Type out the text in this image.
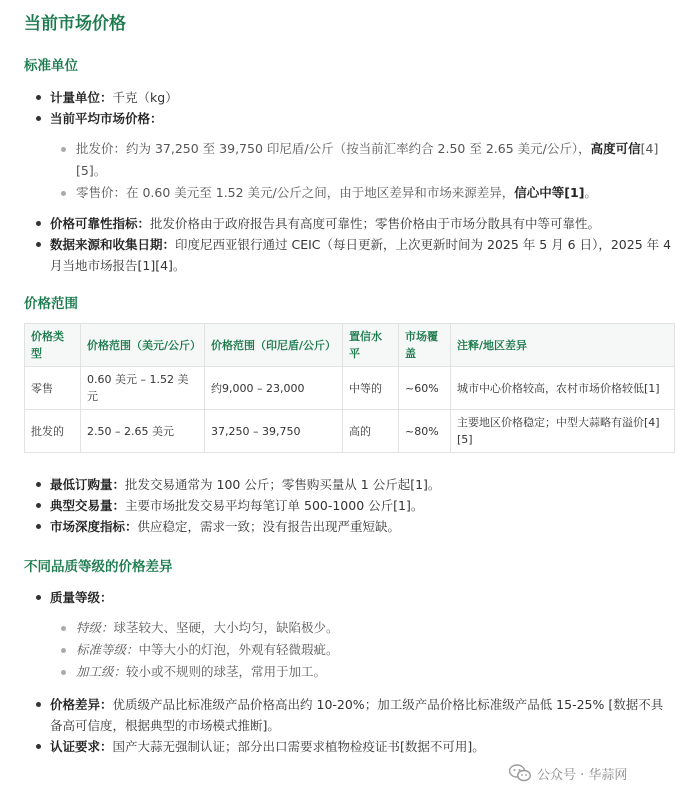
当前市场价格
标准单位
计量单位：千克（kg）
当前平均市场价格：
批发价：约为 37,250 至 39,750 印尼盾/公斤（按当前汇率约合 2.50 至 2.65 美元/公斤），高度可信[4][5]。
零售价：在 0.60 美元至 1.52 美元/公斤之间，由于地区差异和市场来源差异，信心中等[1]。
价格可靠性指标：批发价格由于政府报告具有高度可靠性；零售价格由于市场分散具有中等可靠性。
数据来源和收集日期：印度尼西亚银行通过 CEIC（每日更新，上次更新时间为 2025 年 5 月 6 日），2025 年 4 月当地市场报告[1][4]。
价格范围
价格类型	价格范围（美元/公斤）	价格范围（印尼盾/公斤）	置信水平	市场覆盖	注释/地区差异
零售	0.60 美元 – 1.52 美元	约9,000 – 23,000	中等的	~60%	城市中心价格较高，农村市场价格较低[1]
批发的	2.50 – 2.65 美元	37,250 – 39,750	高的	~80%	主要地区价格稳定；中型大蒜略有溢价[4][5]
最低订购量：批发交易通常为 100 公斤；零售购买量从 1 公斤起[1]。
典型交易量：主要市场批发交易平均每笔订单 500-1000 公斤[1]。
市场深度指标：供应稳定，需求一致；没有报告出现严重短缺。
不同品质等级的价格差异
质量等级：
特级：球茎较大、坚硬，大小均匀，缺陷极少。
标准等级：中等大小的灯泡，外观有轻微瑕疵。
加工级：较小或不规则的球茎，常用于加工。
价格差异：优质级产品比标准级产品价格高出约 10-20%；加工级产品价格比标准级产品低 15-25% [数据不具备高可信度，根据典型的市场模式推断]。
认证要求：国产大蒜无强制认证；部分出口需要求植物检疫证书[数据不可用]。
公众号 · 华蒜网
